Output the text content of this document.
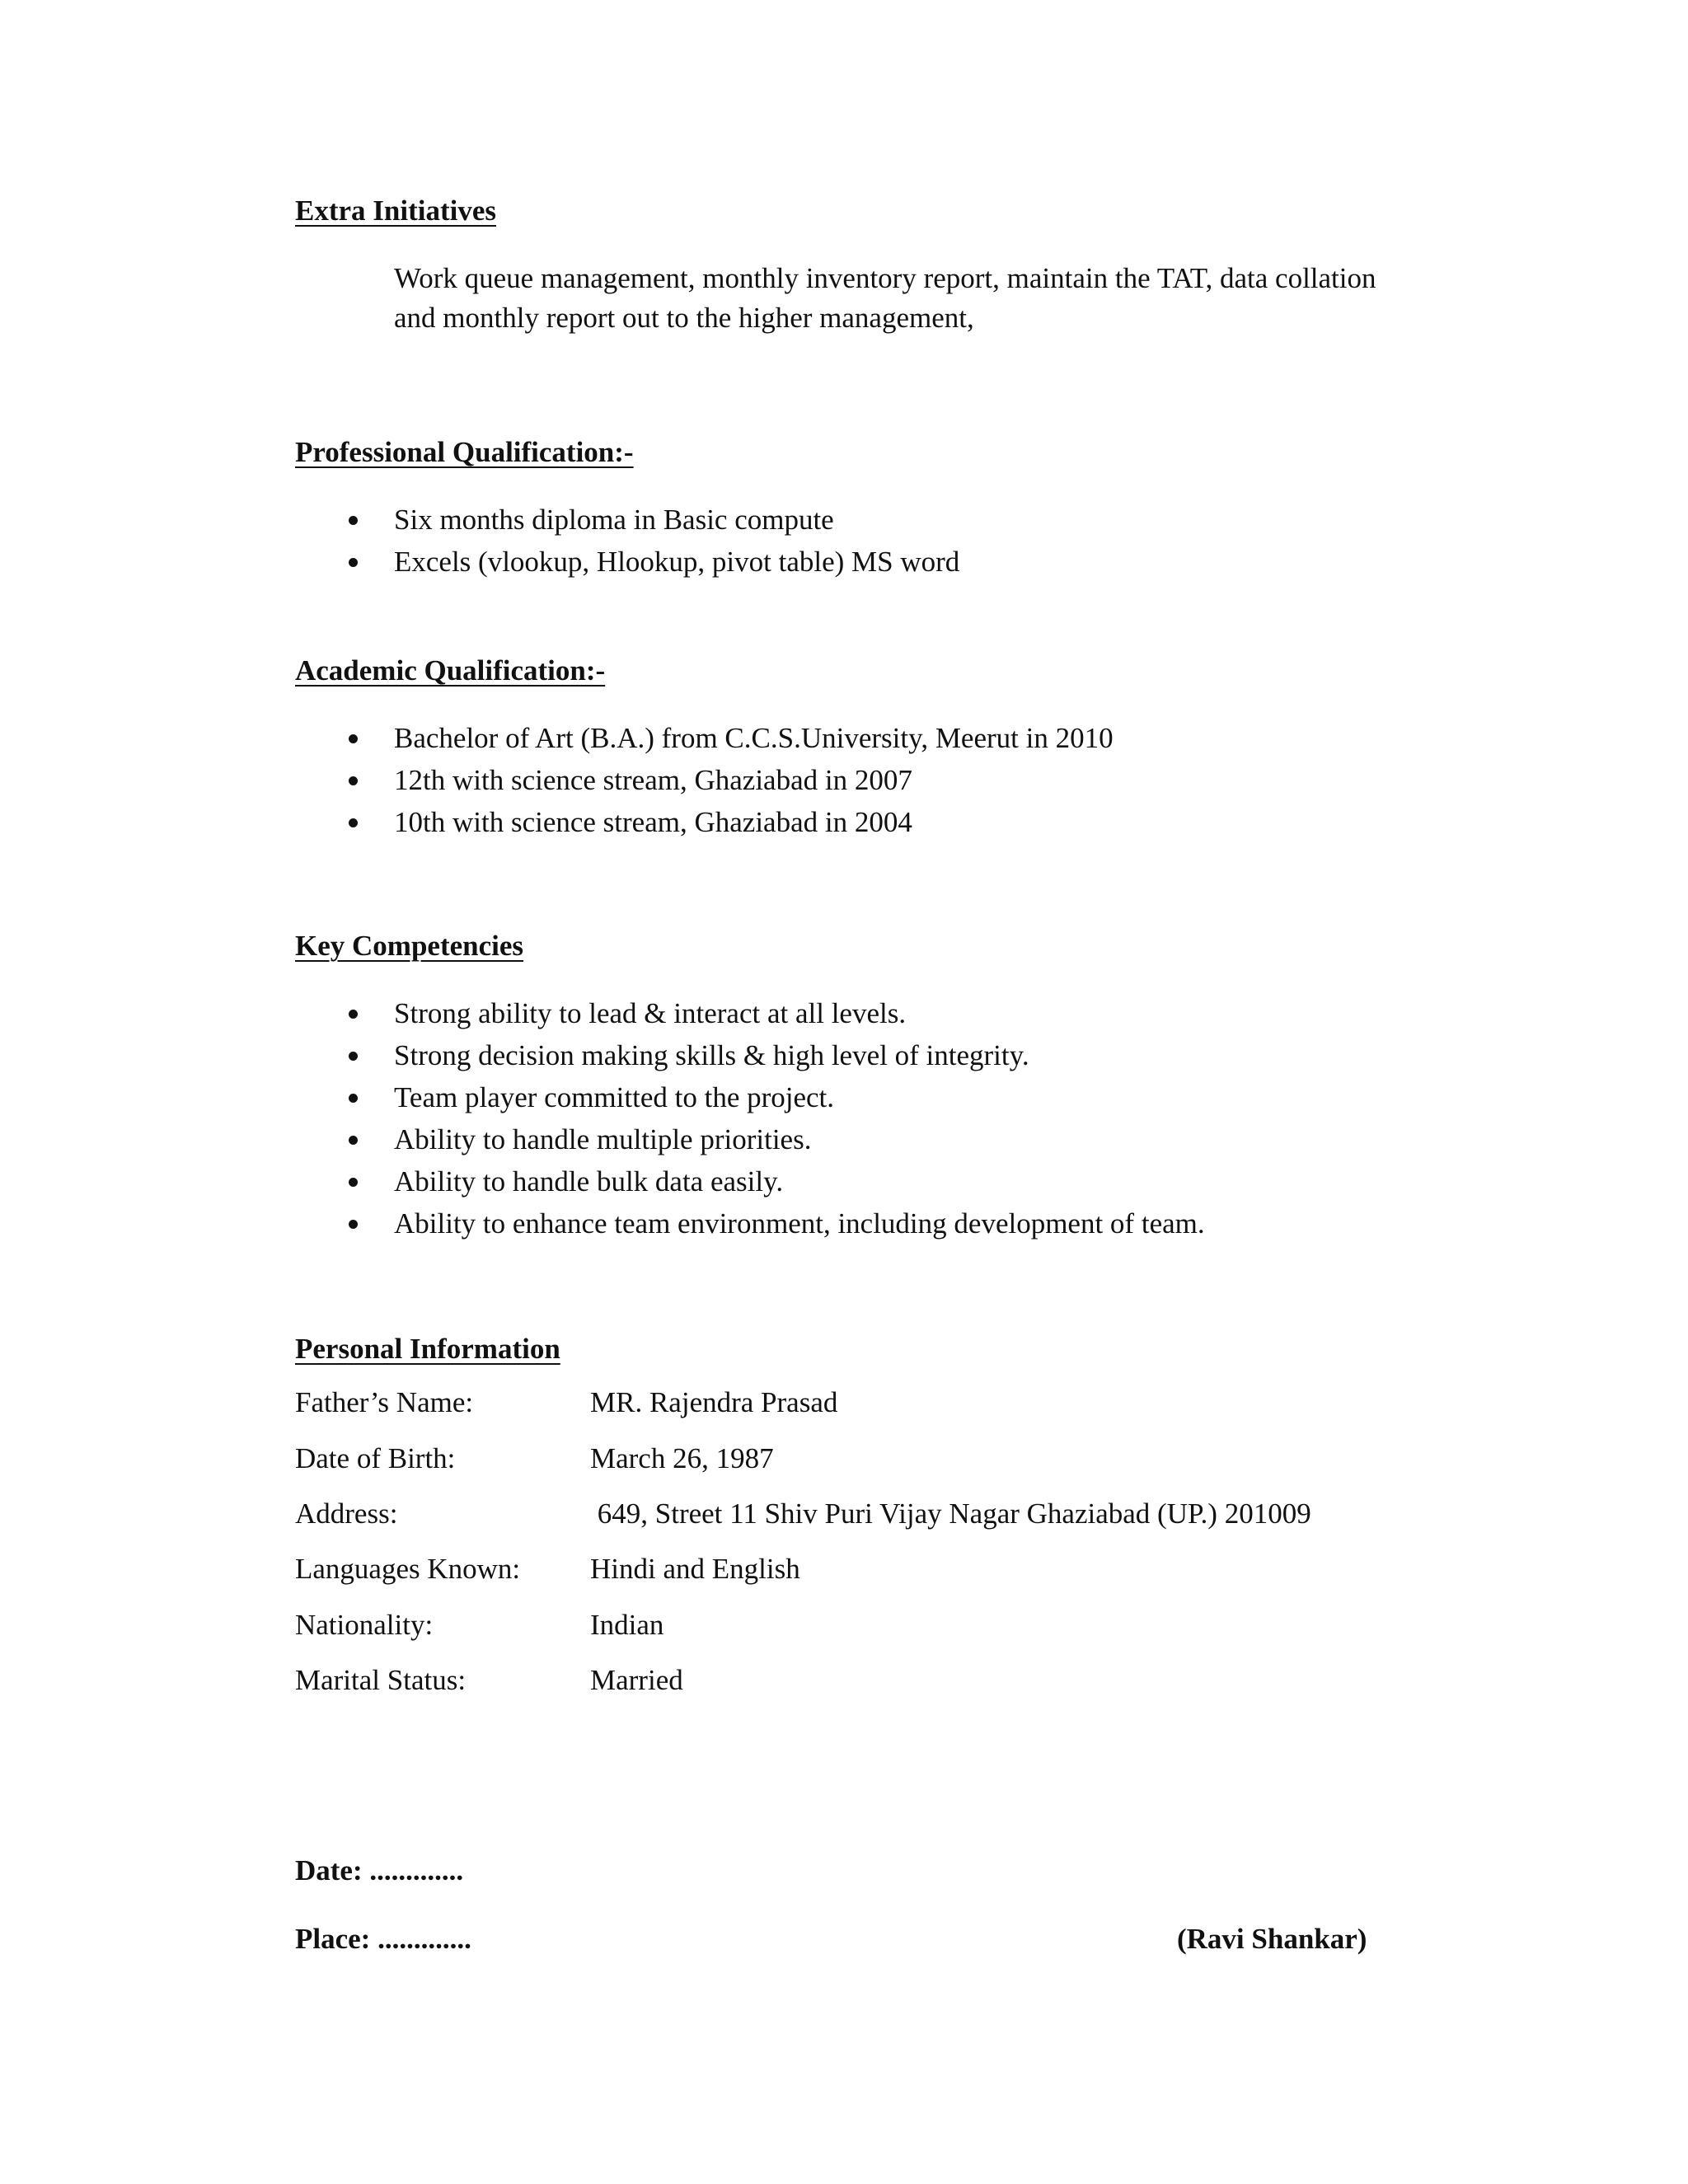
Extra Initiatives
Work queue management, monthly inventory report, maintain the TAT, data collation
and monthly report out to the higher management,
Professional Qualification:-
Six months diploma in Basic compute
Excels (vlookup, Hlookup, pivot table) MS word
Academic Qualification:-
Bachelor of Art (B.A.) from C.C.S.University, Meerut in 2010
12th with science stream, Ghaziabad in 2007
10th with science stream, Ghaziabad in 2004
Key Competencies
Strong ability to lead & interact at all levels.
Strong decision making skills & high level of integrity.
Team player committed to the project.
Ability to handle multiple priorities.
Ability to handle bulk data easily.
Ability to enhance team environment, including development of team.
Personal Information
Father’s Name:	MR. Rajendra Prasad
Date of Birth:	March 26, 1987
Address:	649, Street 11 Shiv Puri Vijay Nagar Ghaziabad (UP.) 201009
Languages Known: Hindi and English
Nationality:	Indian
Marital Status:	Married
Date: .............
Place: .............	(Ravi Shankar)
